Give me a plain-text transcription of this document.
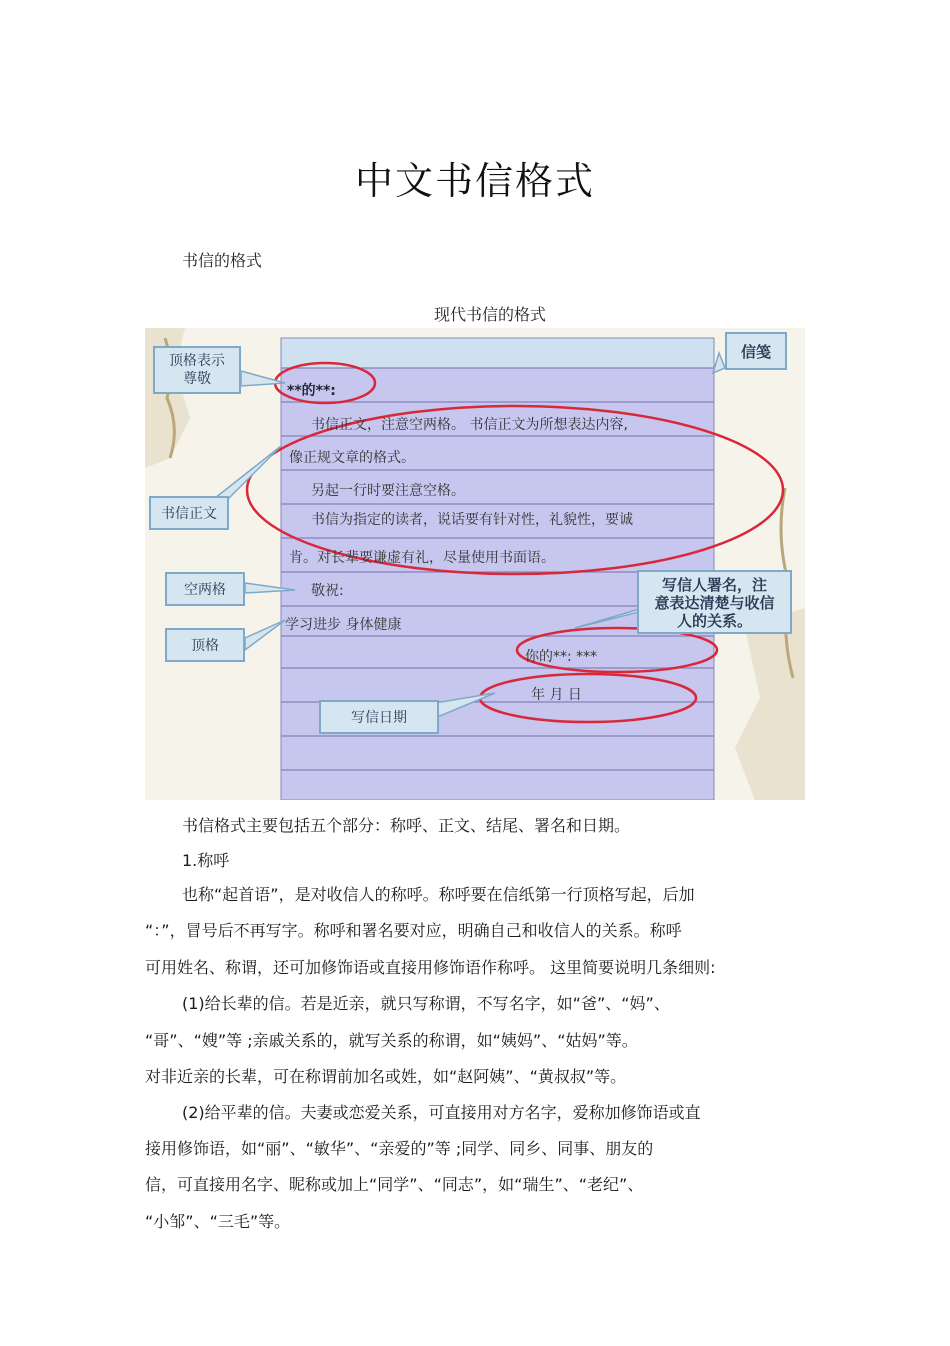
中文书信格式
书信的格式
现代书信的格式
**的**:
书信正文，注意空两格。 书信正文为所想表达内容,
像正规文章的格式。
另起一行时要注意空格。
书信为指定的读者，说话要有针对性，礼貌性，要诚
肯。对长辈要谦虚有礼，尽量使用书面语。
敬祝:
学习进步 身体健康
你的**: ***
年 月 日
顶格表示
尊敬
信笺
书信正文
空两格
顶格
写信人署名，注
意表达清楚与收信
人的关系。
写信日期
书信格式主要包括五个部分：称呼、正文、结尾、署名和日期。
1.称呼
也称“起首语”，是对收信人的称呼。称呼要在信纸第一行顶格写起，后加
“：”，冒号后不再写字。称呼和署名要对应，明确自己和收信人的关系。称呼
可用姓名、称谓，还可加修饰语或直接用修饰语作称呼。 这里简要说明几条细则:
(1)给长辈的信。若是近亲，就只写称谓，不写名字，如“爸”、“妈”、
“哥”、“嫂”等 ;亲戚关系的，就写关系的称谓，如“姨妈”、“姑妈”等。
对非近亲的长辈，可在称谓前加名或姓，如“赵阿姨”、“黄叔叔”等。
(2)给平辈的信。夫妻或恋爱关系，可直接用对方名字，爱称加修饰语或直
接用修饰语，如“丽”、“敏华”、“亲爱的”等 ;同学、同乡、同事、朋友的
信，可直接用名字、昵称或加上“同学”、“同志”，如“瑞生”、“老纪”、
“小邹”、“三毛”等。
